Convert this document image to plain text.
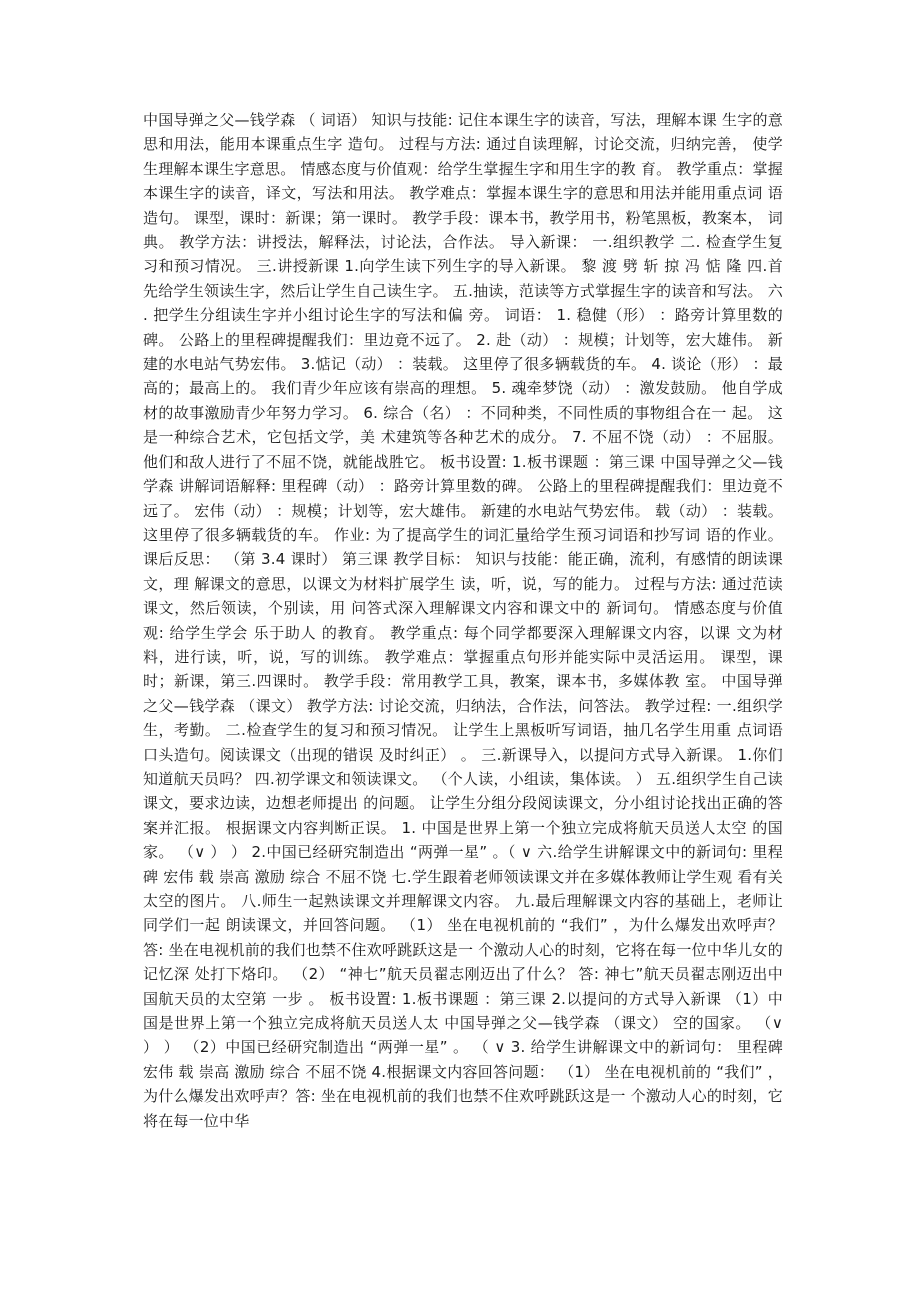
中国导弹之父—钱学森 （ 词语） 知识与技能: 记住本课生字的读音，写法，理解本课 生字的意思和用法，能用本课重点生字 造句。 过程与方法: 通过自读理解，讨论交流，归纳完善， 使学生理解本课生字意思。 情感态度与价值观：给学生掌握生字和用生字的教 育。 教学重点：掌握本课生字的读音，译文，写法和用法。 教学难点：掌握本课生字的意思和用法并能用重点词 语造句。 课型，课时：新课；第一课时。 教学手段：课本书，教学用书，粉笔黑板，教案本， 词典。 教学方法：讲授法，解释法，讨论法，合作法。 导入新课： 一.组织教学 二. 检查学生复习和预习情况。 三.讲授新课 1.向学生读下列生字的导入新课。 黎 渡 劈 斩 掠 冯 惦 隆 四.首先给学生领读生字，然后让学生自己读生字。 五.抽读，范读等方式掌握生字的读音和写法。 六 . 把学生分组读生字并小组讨论生字的写法和偏 旁。 词语： 1. 稳健（形） ：路旁计算里数的碑。 公路上的里程碑提醒我们：里边竟不远了。 2. 赴（动） ：规模；计划等，宏大雄伟。 新建的水电站气势宏伟。 3.惦记（动） ：装载。 这里停了很多辆载货的车。 4. 谈论（形） ：最高的；最高上的。 我们青少年应该有崇高的理想。 5. 魂牵梦饶（动） ：激发鼓励。 他自学成材的故事激励青少年努力学习。 6. 综合（名） ：不同种类，不同性质的事物组合在一 起。 这是一种综合艺术，它包括文学，美 术建筑等各种艺术的成分。 7. 不屈不饶（动） ：不屈服。 他们和敌人进行了不屈不饶，就能战胜它。 板书设置: 1.板书课题 ：第三课 中国导弹之父—钱学森 讲解词语解释: 里程碑（动） ：路旁计算里数的碑。 公路上的里程碑提醒我们：里边竟不远了。 宏伟（动） ：规模；计划等，宏大雄伟。 新建的水电站气势宏伟。 载（动） ：装载。 这里停了很多辆载货的车。 作业: 为了提高学生的词汇量给学生预习词语和抄写词 语的作业。 课后反思： （第 3.4 课时） 第三课 教学目标： 知识与技能：能正确，流利，有感情的朗读课文，理 解课文的意思，以课文为材料扩展学生 读，听，说，写的能力。 过程与方法: 通过范读课文，然后领读，个别读，用 问答式深入理解课文内容和课文中的 新词句。 情感态度与价值观: 给学生学会 乐于助人 的教育。 教学重点: 每个同学都要深入理解课文内容，以课 文为材料，进行读，听，说，写的训练。 教学难点：掌握重点句形并能实际中灵活运用。 课型，课时；新课，第三.四课时。 教学手段：常用教学工具，教案，课本书，多媒体教 室。 中国导弹之父—钱学森 （课文） 教学方法: 讨论交流，归纳法，合作法，问答法。 教学过程: 一.组织学生，考勤。 二.检查学生的复习和预习情况。 让学生上黑板听写词语，抽几名学生用重 点词语口头造句。阅读课文（出现的错误 及时纠正） 。 三.新课导入，以提问方式导入新课。 1.你们知道航天员吗？ 四.初学课文和领读课文。 （个人读，小组读，集体读。 ） 五.组织学生自己读课文，要求边读，边想老师提出 的问题。 让学生分组分段阅读课文，分小组讨论找出正确的答 案并汇报。 根据课文内容判断正误。 1. 中国是世界上第一个独立完成将航天员送人太空 的国家。 （∨ ） ） 2.中国已经研究制造出 “两弹一星” 。（ ∨ 六.给学生讲解课文中的新词句: 里程碑 宏伟 载 崇高 激励 综合 不屈不饶 七.学生跟着老师领读课文并在多媒体教师让学生观 看有关太空的图片。 八.师生一起熟读课文并理解课文内容。 九.最后理解课文内容的基础上，老师让同学们一起 朗读课文，并回答问题。 （1） 坐在电视机前的 “我们” ，为什么爆发出欢呼声？ 答: 坐在电视机前的我们也禁不住欢呼跳跃这是一 个激动人心的时刻，它将在每一位中华儿女的记忆深 处打下烙印。 （2） “神七”航天员翟志刚迈出了什么？ 答: 神七”航天员翟志刚迈出中国航天员的太空第 一步 。 板书设置: 1.板书课题 ：第三课 2.以提问的方式导入新课 （1）中国是世界上第一个独立完成将航天员送人太 中国导弹之父—钱学森 （课文） 空的国家。 （∨ ） ） （2）中国已经研究制造出 “两弹一星” 。 （ ∨ 3. 给学生讲解课文中的新词句： 里程碑 宏伟 载 崇高 激励 综合 不屈不饶 4.根据课文内容回答问题： （1） 坐在电视机前的 “我们” ， 为什么爆发出欢呼声？答: 坐在电视机前的我们也禁不住欢呼跳跃这是一 个激动人心的时刻，它将在每一位中华
